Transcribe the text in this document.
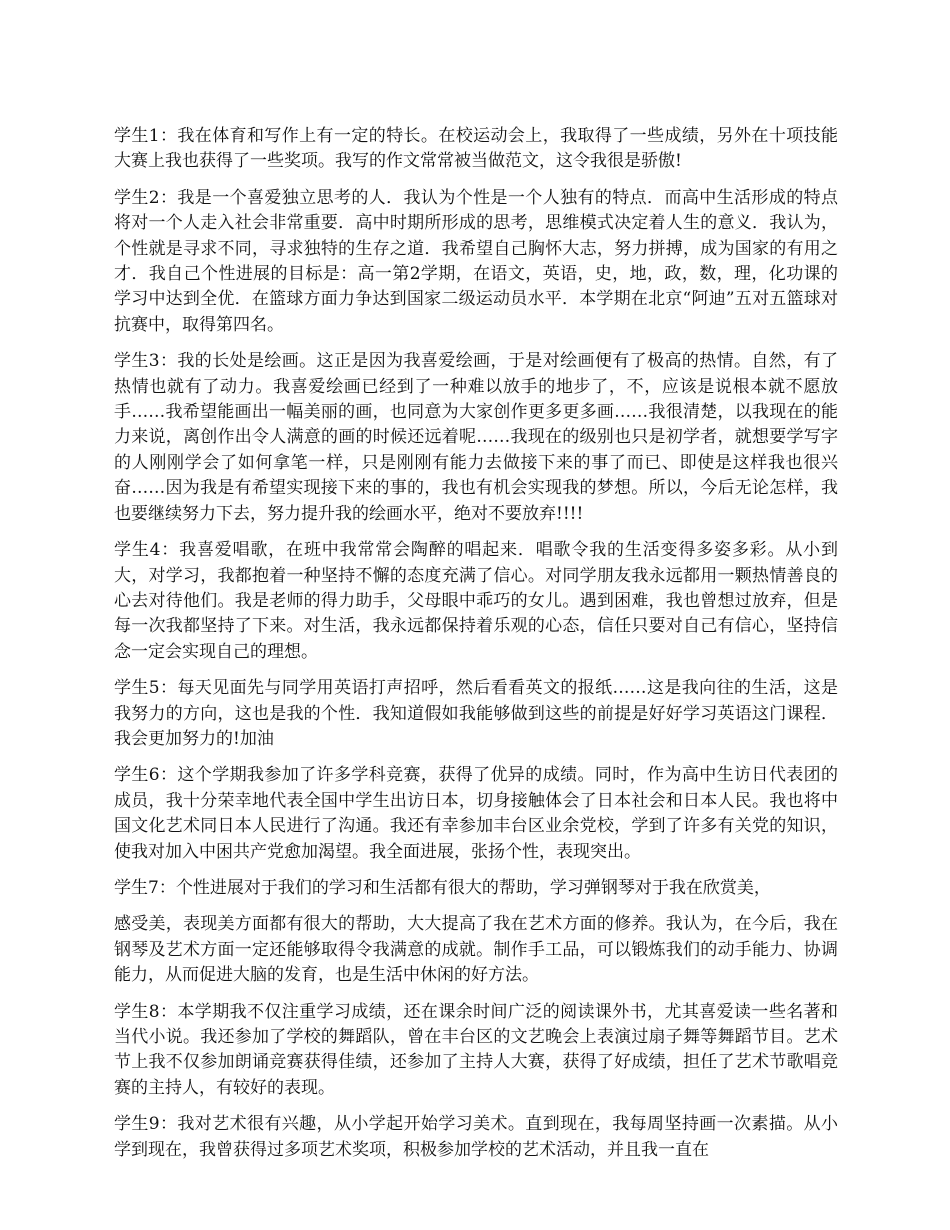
学生1：我在体育和写作上有一定的特长。在校运动会上，我取得了一些成绩，另外在十项技能大赛上我也获得了一些奖项。我写的作文常常被当做范文，这令我很是骄傲!

学生2：我是一个喜爱独立思考的人．我认为个性是一个人独有的特点．而高中生活形成的特点将对一个人走入社会非常重要．高中时期所形成的思考，思维模式决定着人生的意义．我认为，个性就是寻求不同，寻求独特的生存之道．我希望自己胸怀大志，努力拼搏，成为国家的有用之才．我自己个性进展的目标是：高一第2学期，在语文，英语，史，地，政，数，理，化功课的学习中达到全优．在篮球方面力争达到国家二级运动员水平．本学期在北京“阿迪”五对五篮球对抗赛中，取得第四名。

学生3：我的长处是绘画。这正是因为我喜爱绘画，于是对绘画便有了极高的热情。自然，有了热情也就有了动力。我喜爱绘画已经到了一种难以放手的地步了，不，应该是说根本就不愿放手……我希望能画出一幅美丽的画，也同意为大家创作更多更多画……我很清楚，以我现在的能力来说，离创作出令人满意的画的时候还远着呢……我现在的级别也只是初学者，就想要学写字的人刚刚学会了如何拿笔一样，只是刚刚有能力去做接下来的事了而已、即使是这样我也很兴奋……因为我是有希望实现接下来的事的，我也有机会实现我的梦想。所以，今后无论怎样，我也要继续努力下去，努力提升我的绘画水平，绝对不要放弃!!!!

学生4：我喜爱唱歌，在班中我常常会陶醉的唱起来．唱歌令我的生活变得多姿多彩。从小到大，对学习，我都抱着一种坚持不懈的态度充满了信心。对同学朋友我永远都用一颗热情善良的心去对待他们。我是老师的得力助手，父母眼中乖巧的女儿。遇到困难，我也曾想过放弃，但是每一次我都坚持了下来。对生活，我永远都保持着乐观的心态，信任只要对自己有信心，坚持信念一定会实现自己的理想。

学生5：每天见面先与同学用英语打声招呼，然后看看英文的报纸……这是我向往的生活，这是我努力的方向，这也是我的个性．我知道假如我能够做到这些的前提是好好学习英语这门课程．我会更加努力的!加油

学生6：这个学期我参加了许多学科竞赛，获得了优异的成绩。同时，作为高中生访日代表团的成员，我十分荣幸地代表全国中学生出访日本，切身接触体会了日本社会和日本人民。我也将中国文化艺术同日本人民进行了沟通。我还有幸参加丰台区业余党校，学到了许多有关党的知识，使我对加入中困共产党愈加渴望。我全面进展，张扬个性，表现突出。

学生7：个性进展对于我们的学习和生活都有很大的帮助，学习弹钢琴对于我在欣赏美，

感受美，表现美方面都有很大的帮助，大大提高了我在艺术方面的修养。我认为，在今后，我在钢琴及艺术方面一定还能够取得令我满意的成就。制作手工品，可以锻炼我们的动手能力、协调能力，从而促进大脑的发育，也是生活中休闲的好方法。

学生8：本学期我不仅注重学习成绩，还在课余时间广泛的阅读课外书，尤其喜爱读一些名著和当代小说。我还参加了学校的舞蹈队，曾在丰台区的文艺晚会上表演过扇子舞等舞蹈节目。艺术节上我不仅参加朗诵竞赛获得佳绩，还参加了主持人大赛，获得了好成绩，担任了艺术节歌唱竞赛的主持人，有较好的表现。

学生9：我对艺术很有兴趣，从小学起开始学习美术。直到现在，我每周坚持画一次素描。从小学到现在，我曾获得过多项艺术奖项，积极参加学校的艺术活动，并且我一直在
